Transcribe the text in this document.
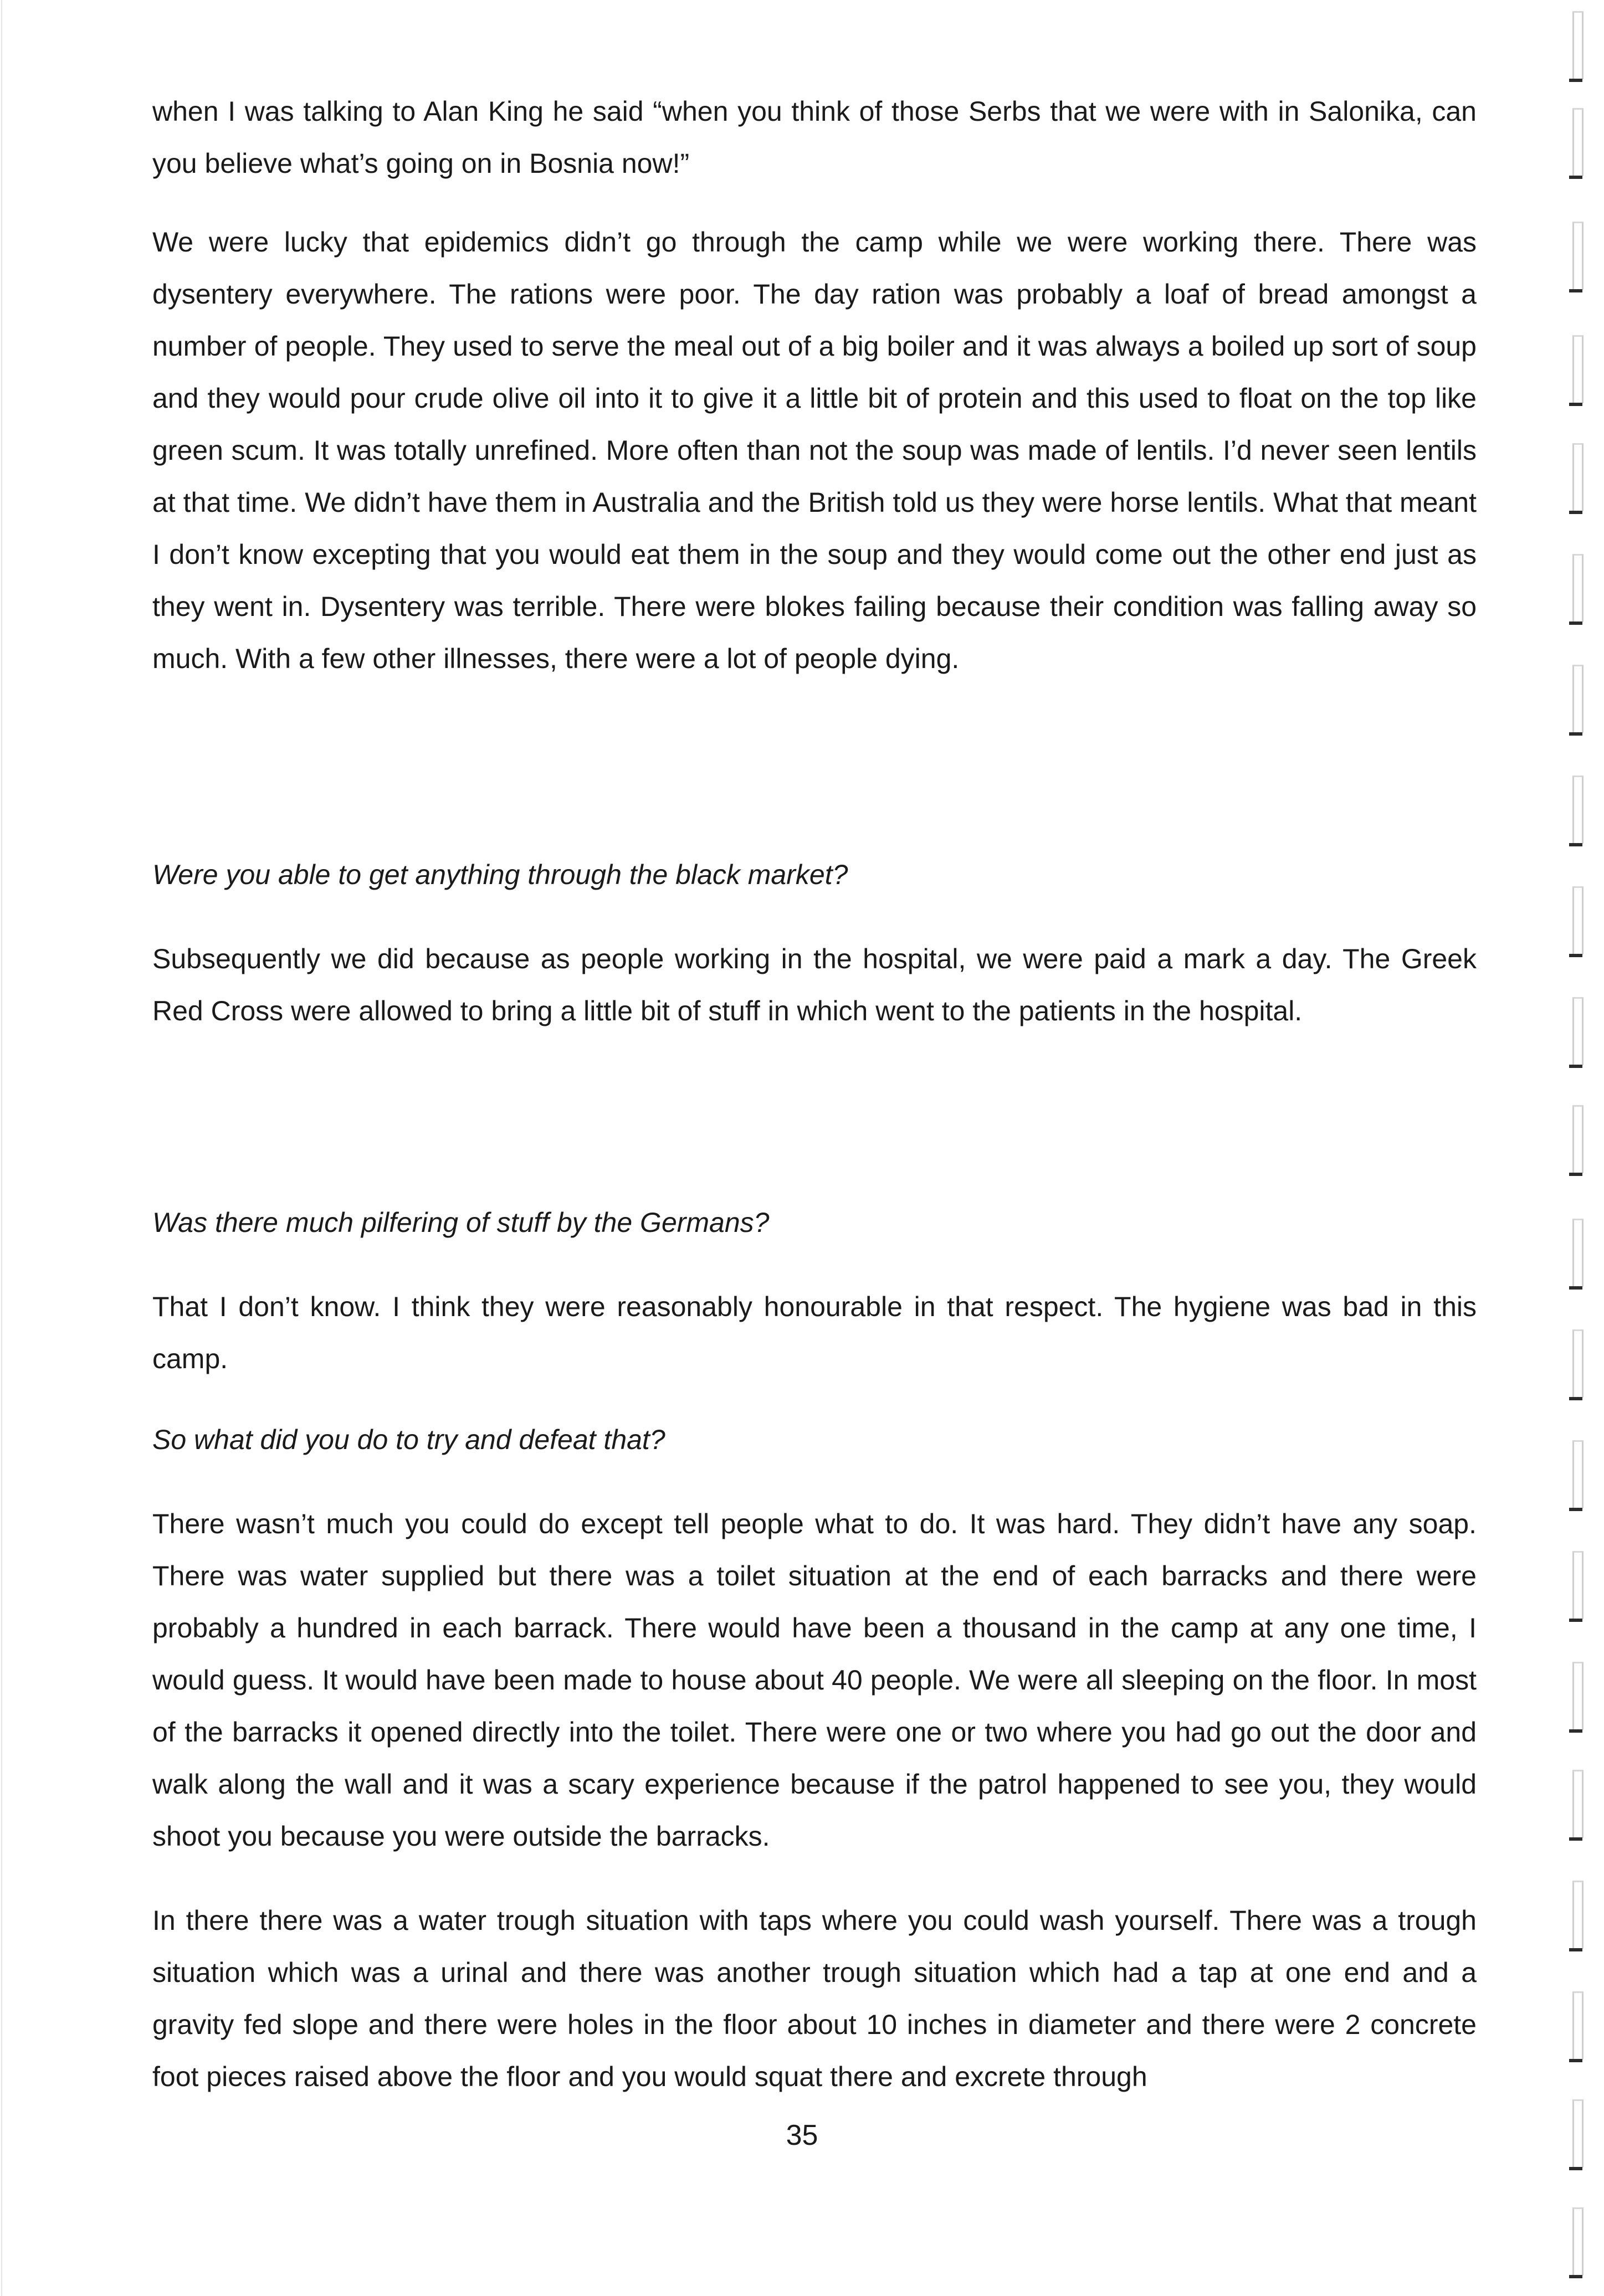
when I was talking to Alan King he said “when you think of those Serbs that we were with in Salonika, can you believe what’s going on in Bosnia now!”

We were lucky that epidemics didn’t go through the camp while we were working there. There was dysentery everywhere. The rations were poor. The day ration was probably a loaf of bread amongst a number of people. They used to serve the meal out of a big boiler and it was always a boiled up sort of soup and they would pour crude olive oil into it to give it a little bit of protein and this used to float on the top like green scum. It was totally unrefined. More often than not the soup was made of lentils. I’d never seen lentils at that time. We didn’t have them in Australia and the British told us they were horse lentils. What that meant I don’t know excepting that you would eat them in the soup and they would come out the other end just as they went in. Dysentery was terrible. There were blokes failing because their condition was falling away so much. With a few other illnesses, there were a lot of people dying.

Were you able to get anything through the black market?

Subsequently we did because as people working in the hospital, we were paid a mark a day. The Greek Red Cross were allowed to bring a little bit of stuff in which went to the patients in the hospital.

Was there much pilfering of stuff by the Germans?

That I don’t know. I think they were reasonably honourable in that respect. The hygiene was bad in this camp.

So what did you do to try and defeat that?

There wasn’t much you could do except tell people what to do. It was hard. They didn’t have any soap. There was water supplied but there was a toilet situation at the end of each barracks and there were probably a hundred in each barrack. There would have been a thousand in the camp at any one time, I would guess. It would have been made to house about 40 people. We were all sleeping on the floor. In most of the barracks it opened directly into the toilet. There were one or two where you had go out the door and walk along the wall and it was a scary experience because if the patrol happened to see you, they would shoot you because you were outside the barracks.

In there there was a water trough situation with taps where you could wash yourself. There was a trough situation which was a urinal and there was another trough situation which had a tap at one end and a gravity fed slope and there were holes in the floor about 10 inches in diameter and there were 2 concrete foot pieces raised above the floor and you would squat there and excrete through

35
